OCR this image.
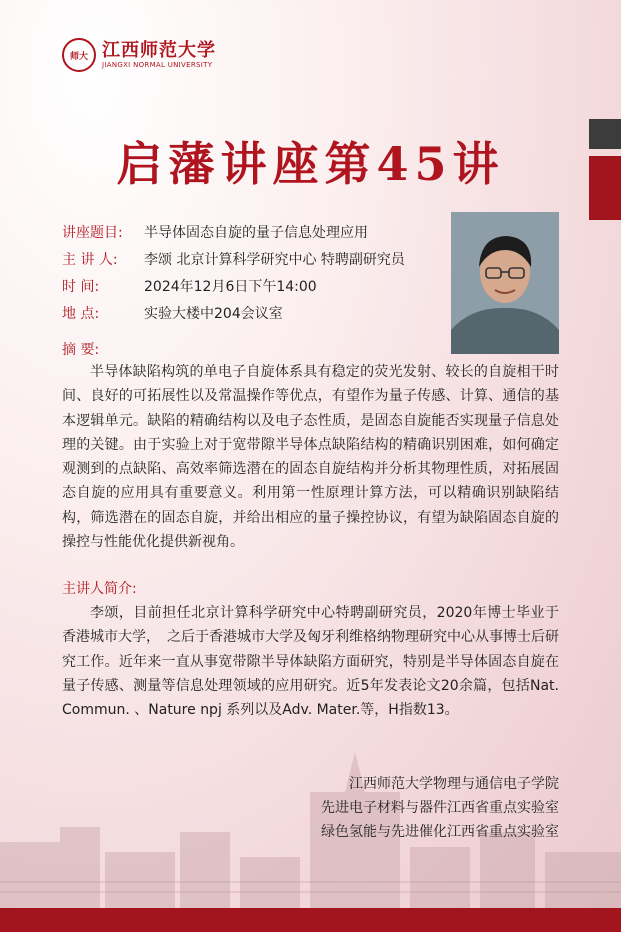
师大 江西师范大学
JIANGXI NORMAL UNIVERSITY
启藩讲座第45讲
讲座题目: 半导体固态自旋的量子信息处理应用
主 讲 人: 李颂 北京计算科学研究中心 特聘副研究员
时 间:	2024年12月6日下午14:00
地 点:	实验大楼中204会议室
摘 要:
半导体缺陷构筑的单电子自旋体系具有稳定的荧光发射、较长的自旋相干时间、良好的可拓展性以及常温操作等优点，有望作为量子传感、计算、通信的基本逻辑单元。缺陷的精确结构以及电子态性质，是固态自旋能否实现量子信息处理的关键。由于实验上对于宽带隙半导体点缺陷结构的精确识别困难，如何确定观测到的点缺陷、高效率筛选潜在的固态自旋结构并分析其物理性质，对拓展固态自旋的应用具有重要意义。利用第一性原理计算方法，可以精确识别缺陷结构，筛选潜在的固态自旋，并给出相应的量子操控协议，有望为缺陷固态自旋的操控与性能优化提供新视角。
主讲人简介:
李颂，目前担任北京计算科学研究中心特聘副研究员，2020年博士毕业于香港城市大学，　之后于香港城市大学及匈牙利维格纳物理研究中心从事博士后研究工作。近年来一直从事宽带隙半导体缺陷方面研究，特别是半导体固态自旋在量子传感、测量等信息处理领域的应用研究。近5年发表论文20余篇，包括Nat. Commun. 、Nature npj 系列以及Adv. Mater.等，H指数13。
江西师范大学物理与通信电子学院
先进电子材料与器件江西省重点实验室
绿色氢能与先进催化江西省重点实验室
